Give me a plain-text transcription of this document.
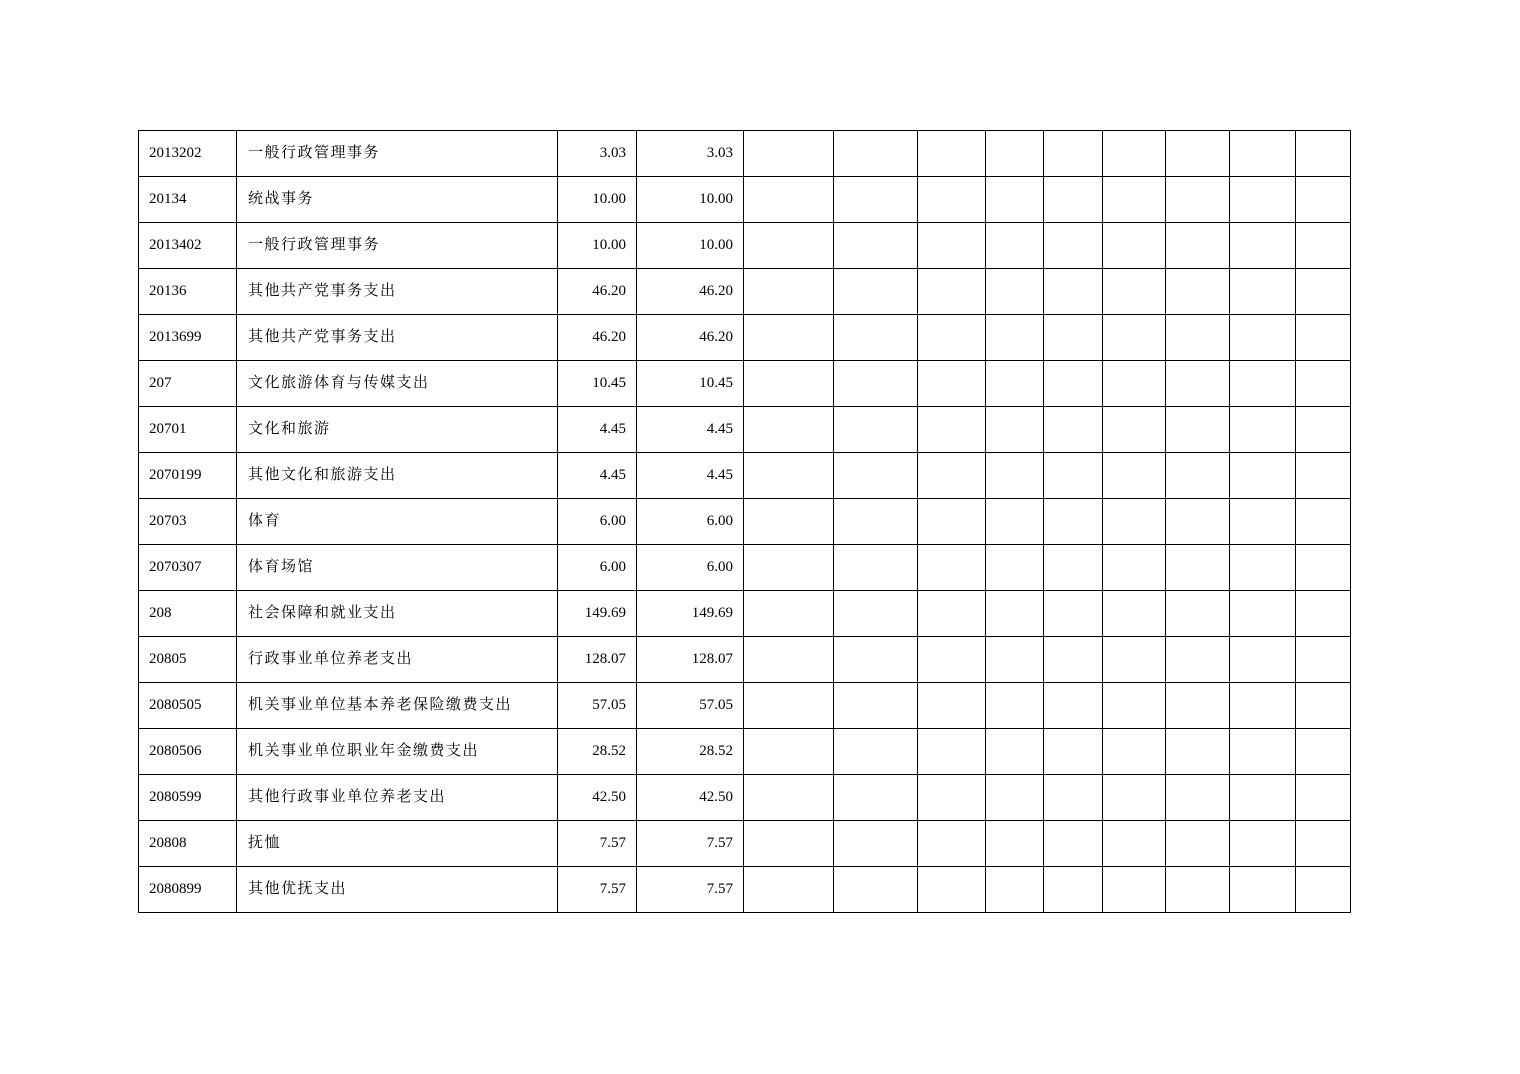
2013202	一般行政管理事务	3.03	3.03									
20134	统战事务	10.00	10.00									
2013402	一般行政管理事务	10.00	10.00									
20136	其他共产党事务支出	46.20	46.20									
2013699	其他共产党事务支出	46.20	46.20									
207	文化旅游体育与传媒支出	10.45	10.45									
20701	文化和旅游	4.45	4.45									
2070199	其他文化和旅游支出	4.45	4.45									
20703	体育	6.00	6.00									
2070307	体育场馆	6.00	6.00									
208	社会保障和就业支出	149.69	149.69									
20805	行政事业单位养老支出	128.07	128.07									
2080505	机关事业单位基本养老保险缴费支出	57.05	57.05									
2080506	机关事业单位职业年金缴费支出	28.52	28.52									
2080599	其他行政事业单位养老支出	42.50	42.50									
20808	抚恤	7.57	7.57									
2080899	其他优抚支出	7.57	7.57									
